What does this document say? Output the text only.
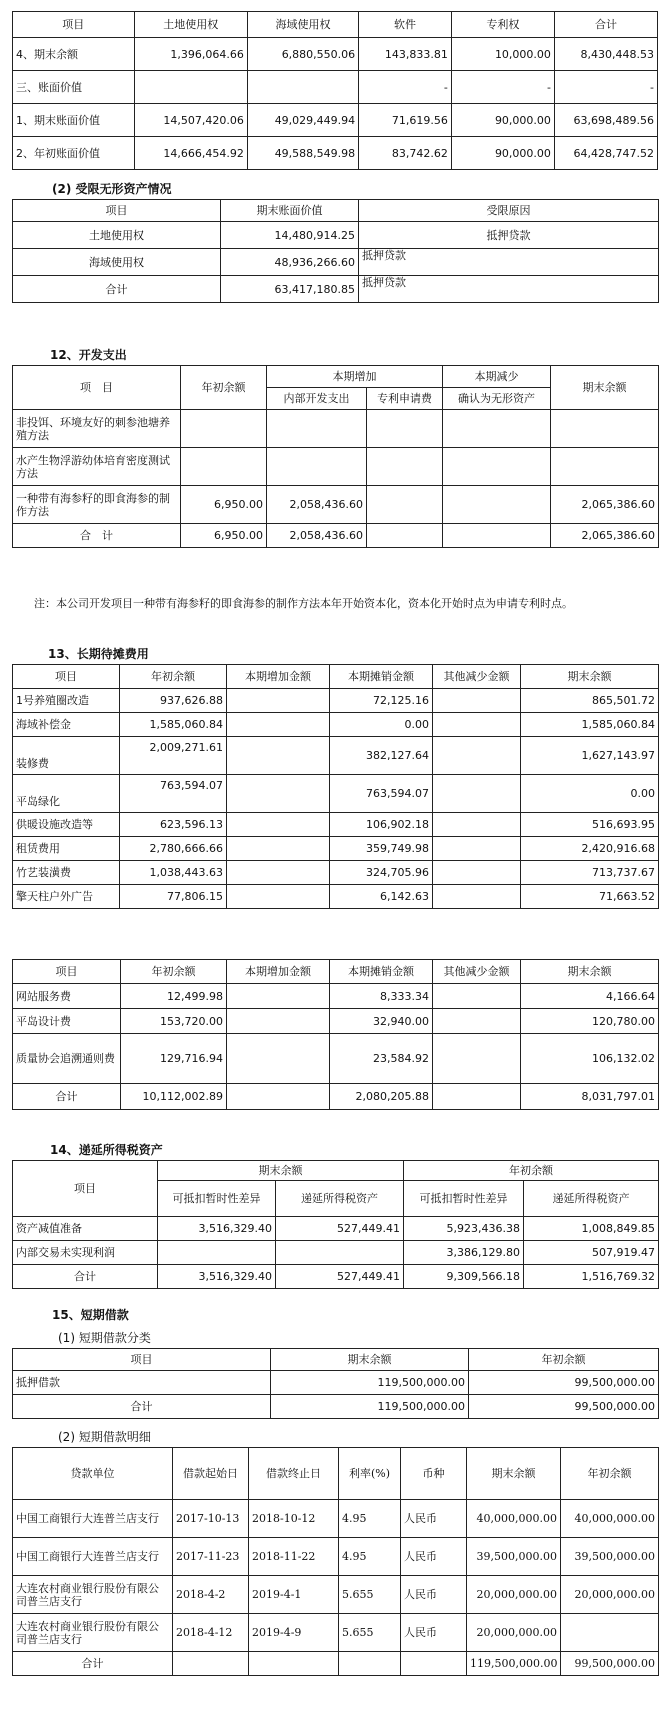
项目	土地使用权	海域使用权	软件	专利权	合计
4、期末余额	1,396,064.66	6,880,550.06	143,833.81	10,000.00	8,430,448.53
三、账面价值			-	-	-
1、期末账面价值	14,507,420.06	49,029,449.94	71,619.56	90,000.00	63,698,489.56
2、年初账面价值	14,666,454.92	49,588,549.98	83,742.62	90,000.00	64,428,747.52
(2) 受限无形资产情况
项目	期末账面价值	受限原因
土地使用权	14,480,914.25	抵押贷款
海域使用权	48,936,266.60	抵押贷款
合计	63,417,180.85	抵押贷款
12、开发支出
项　目	年初余额	本期增加		本期减少	期末余额
		内部开发支出	专利申请费	确认为无形资产	
非投饵、环境友好的刺参池塘养殖方法					
水产生物浮游幼体培育密度测试方法					
一种带有海参籽的即食海参的制作方法	6,950.00	2,058,436.60			2,065,386.60
合　计	6,950.00	2,058,436.60			2,065,386.60
注：本公司开发项目一种带有海参籽的即食海参的制作方法本年开始资本化，资本化开始时点为申请专利时点。
13、长期待摊费用
项目	年初余额	本期增加金额	本期摊销金额	其他减少金额	期末余额
1号养殖圈改造	937,626.88		72,125.16		865,501.72
海域补偿金	1,585,060.84		0.00		1,585,060.84
装修费	2,009,271.61		382,127.64		1,627,143.97
平岛绿化	763,594.07		763,594.07		0.00
供暖设施改造等	623,596.13		106,902.18		516,693.95
租赁费用	2,780,666.66		359,749.98		2,420,916.68
竹艺装潢费	1,038,443.63		324,705.96		713,737.67
擎天柱户外广告	77,806.15		6,142.63		71,663.52
项目	年初余额	本期增加金额	本期摊销金额	其他减少金额	期末余额
网站服务费	12,499.98		8,333.34		4,166.64
平岛设计费	153,720.00		32,940.00		120,780.00
质量协会追溯通则费	129,716.94		23,584.92		106,132.02
合计	10,112,002.89		2,080,205.88		8,031,797.01
14、递延所得税资产
项目	期末余额		年初余额	
	可抵扣暂时性差异	递延所得税资产	可抵扣暂时性差异	递延所得税资产
资产减值准备	3,516,329.40	527,449.41	5,923,436.38	1,008,849.85
内部交易未实现利润			3,386,129.80	507,919.47
合计	3,516,329.40	527,449.41	9,309,566.18	1,516,769.32
15、短期借款
(1) 短期借款分类
项目	期末余额	年初余额
抵押借款	119,500,000.00	99,500,000.00
合计	119,500,000.00	99,500,000.00
(2) 短期借款明细
贷款单位	借款起始日	借款终止日	利率(%)	币种	期末余额	年初余额
中国工商银行大连普兰店支行	2017-10-13	2018-10-12	4.95	人民币	40,000,000.00	40,000,000.00
中国工商银行大连普兰店支行	2017-11-23	2018-11-22	4.95	人民币	39,500,000.00	39,500,000.00
大连农村商业银行股份有限公司普兰店支行	2018-4-2	2019-4-1	5.655	人民币	20,000,000.00	20,000,000.00
大连农村商业银行股份有限公司普兰店支行	2018-4-12	2019-4-9	5.655	人民币	20,000,000.00	
合计					119,500,000.00	99,500,000.00
